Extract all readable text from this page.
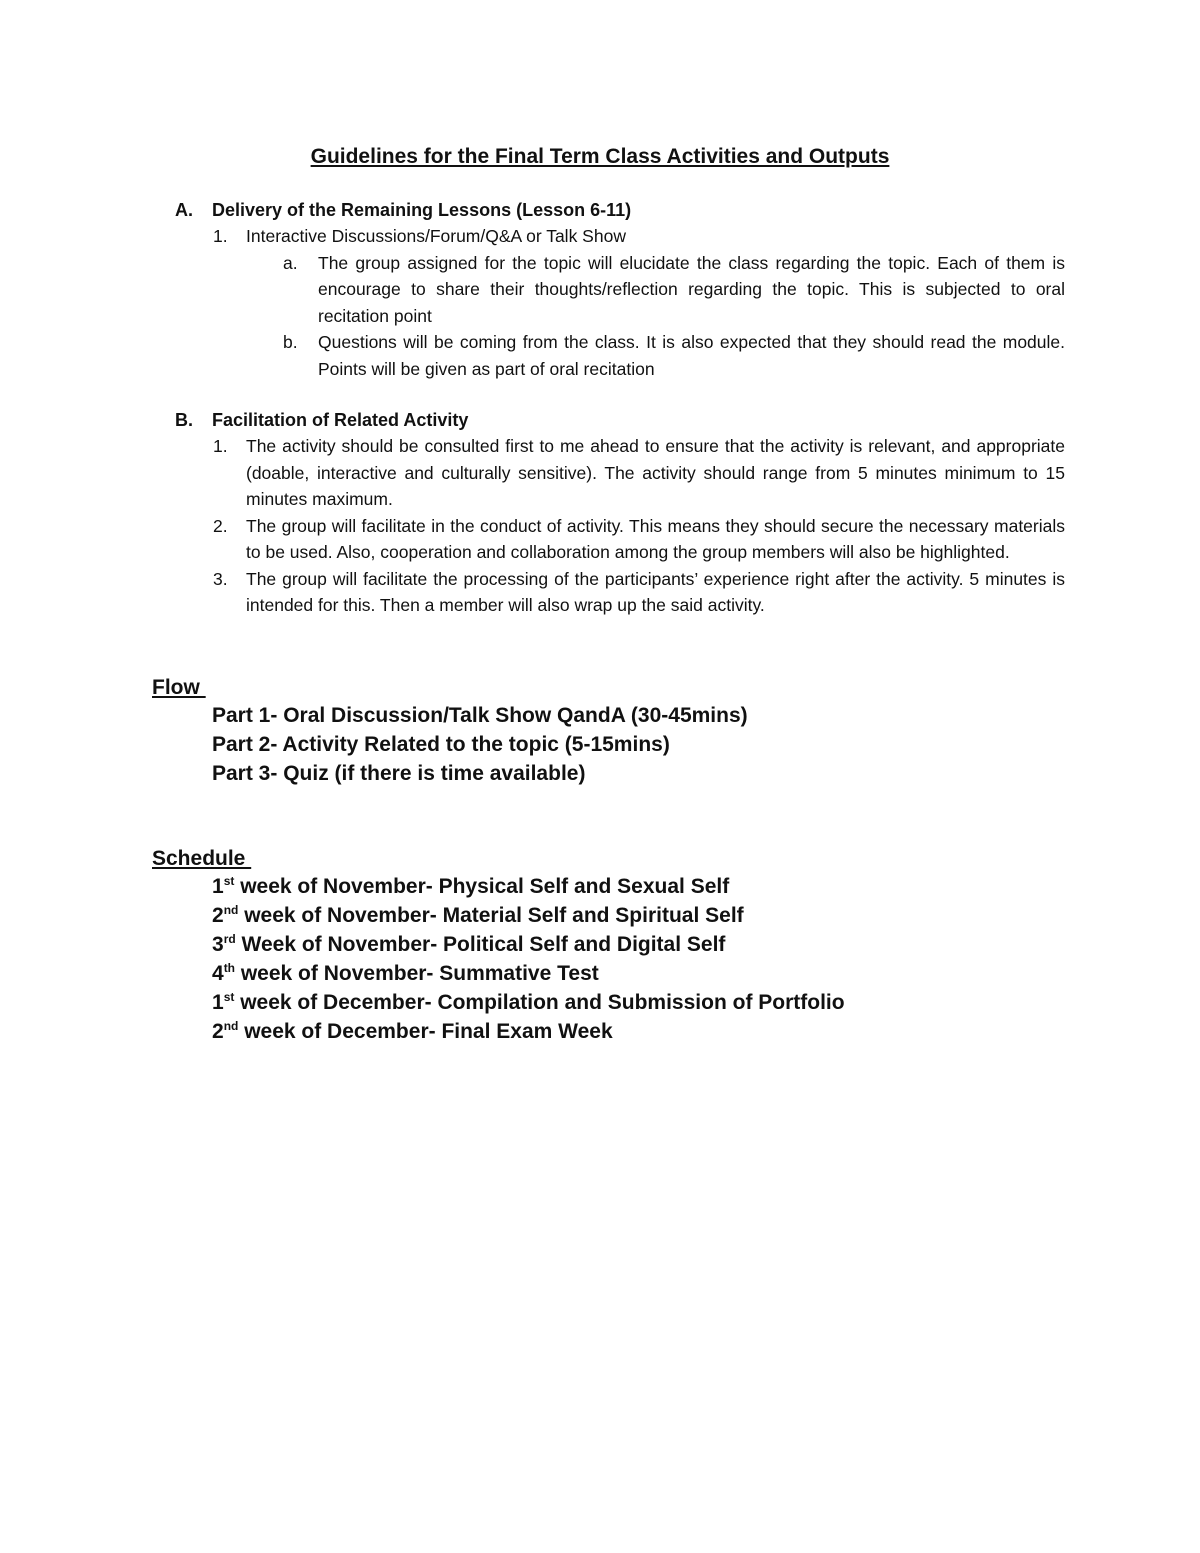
Guidelines for the Final Term Class Activities and Outputs
A.	Delivery of the Remaining Lessons (Lesson 6-11)
1.	Interactive Discussions/Forum/Q&A or Talk Show
a.	The group assigned for the topic will elucidate the class regarding the topic. Each of them is encourage to share their thoughts/reflection regarding the topic. This is subjected to oral recitation point
b.	Questions will be coming from the class. It is also expected that they should read the module. Points will be given as part of oral recitation
B.	Facilitation of Related Activity
1.	The activity should be consulted first to me ahead to ensure that the activity is relevant, and appropriate (doable, interactive and culturally sensitive). The activity should range from 5 minutes minimum to 15 minutes maximum.
2.	The group will facilitate in the conduct of activity. This means they should secure the necessary materials to be used. Also, cooperation and collaboration among the group members will also be highlighted.
3.	The group will facilitate the processing of the participants’ experience right after the activity. 5 minutes is intended for this. Then a member will also wrap up the said activity.
Flow
Part 1- Oral Discussion/Talk Show QandA (30-45mins)
Part 2- Activity Related to the topic (5-15mins)
Part 3- Quiz (if there is time available)
Schedule
1st week of November- Physical Self and Sexual Self
2nd week of November- Material Self and Spiritual Self
3rd Week of November- Political Self and Digital Self
4th week of November- Summative Test
1st week of December- Compilation and Submission of Portfolio
2nd week of December- Final Exam Week
